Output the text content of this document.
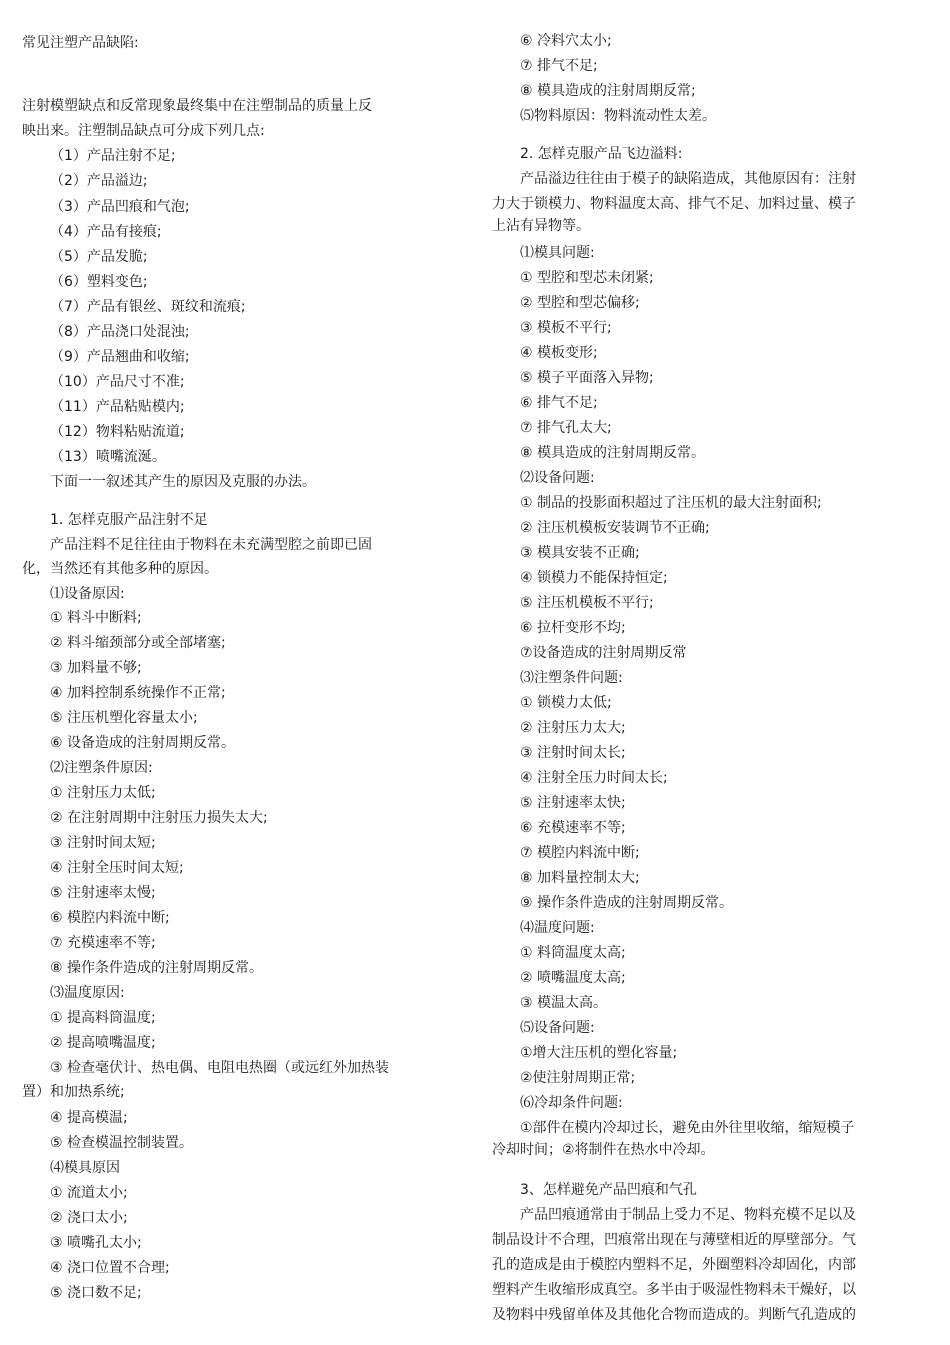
常见注塑产品缺陷:
注射模塑缺点和反常现象最终集中在注塑制品的质量上反
映出来。注塑制品缺点可分成下列几点:
（1）产品注射不足;
（2）产品溢边;
（3）产品凹痕和气泡;
（4）产品有接痕;
（5）产品发脆;
（6）塑料变色;
（7）产品有银丝、斑纹和流痕;
（8）产品浇口处混浊;
（9）产品翘曲和收缩;
（10）产品尺寸不准;
（11）产品粘贴模内;
（12）物料粘贴流道;
（13）喷嘴流涎。
下面一一叙述其产生的原因及克服的办法。
1. 怎样克服产品注射不足
产品注料不足往往由于物料在未充满型腔之前即已固
化，当然还有其他多种的原因。
⑴设备原因:
① 料斗中断料;
② 料斗缩颈部分或全部堵塞;
③ 加料量不够;
④ 加料控制系统操作不正常;
⑤ 注压机塑化容量太小;
⑥ 设备造成的注射周期反常。
⑵注塑条件原因:
① 注射压力太低;
② 在注射周期中注射压力损失太大;
③ 注射时间太短;
④ 注射全压时间太短;
⑤ 注射速率太慢;
⑥ 模腔内料流中断;
⑦ 充模速率不等;
⑧ 操作条件造成的注射周期反常。
⑶温度原因:
① 提高料筒温度;
② 提高喷嘴温度;
③ 检查毫伏计、热电偶、电阻电热圈（或远红外加热装
置）和加热系统;
④ 提高模温;
⑤ 检查模温控制装置。
⑷模具原因
① 流道太小;
② 浇口太小;
③ 喷嘴孔太小;
④ 浇口位置不合理;
⑤ 浇口数不足;
⑥ 冷料穴太小;
⑦ 排气不足;
⑧ 模具造成的注射周期反常;
⑸物料原因：物料流动性太差。
2. 怎样克服产品飞边溢料:
产品溢边往往由于模子的缺陷造成，其他原因有：注射
力大于锁模力、物料温度太高、排气不足、加料过量、模子
上沾有异物等。
⑴模具问题:
① 型腔和型芯未闭紧;
② 型腔和型芯偏移;
③ 模板不平行;
④ 模板变形;
⑤ 模子平面落入异物;
⑥ 排气不足;
⑦ 排气孔太大;
⑧ 模具造成的注射周期反常。
⑵设备问题:
① 制品的投影面积超过了注压机的最大注射面积;
② 注压机模板安装调节不正确;
③ 模具安装不正确;
④ 锁模力不能保持恒定;
⑤ 注压机模板不平行;
⑥ 拉杆变形不均;
⑦设备造成的注射周期反常
⑶注塑条件问题:
① 锁模力太低;
② 注射压力太大;
③ 注射时间太长;
④ 注射全压力时间太长;
⑤ 注射速率太快;
⑥ 充模速率不等;
⑦ 模腔内料流中断;
⑧ 加料量控制太大;
⑨ 操作条件造成的注射周期反常。
⑷温度问题:
① 料筒温度太高;
② 喷嘴温度太高;
③ 模温太高。
⑸设备问题:
①增大注压机的塑化容量;
②使注射周期正常;
⑹冷却条件问题:
①部件在模内冷却过长，避免由外往里收缩，缩短模子
冷却时间；②将制件在热水中冷却。
3、怎样避免产品凹痕和气孔
产品凹痕通常由于制品上受力不足、物料充模不足以及
制品设计不合理，凹痕常出现在与薄壁相近的厚壁部分。气
孔的造成是由于模腔内塑料不足，外圈塑料冷却固化，内部
塑料产生收缩形成真空。多半由于吸湿性物料未干燥好，以
及物料中残留单体及其他化合物而造成的。判断气孔造成的
